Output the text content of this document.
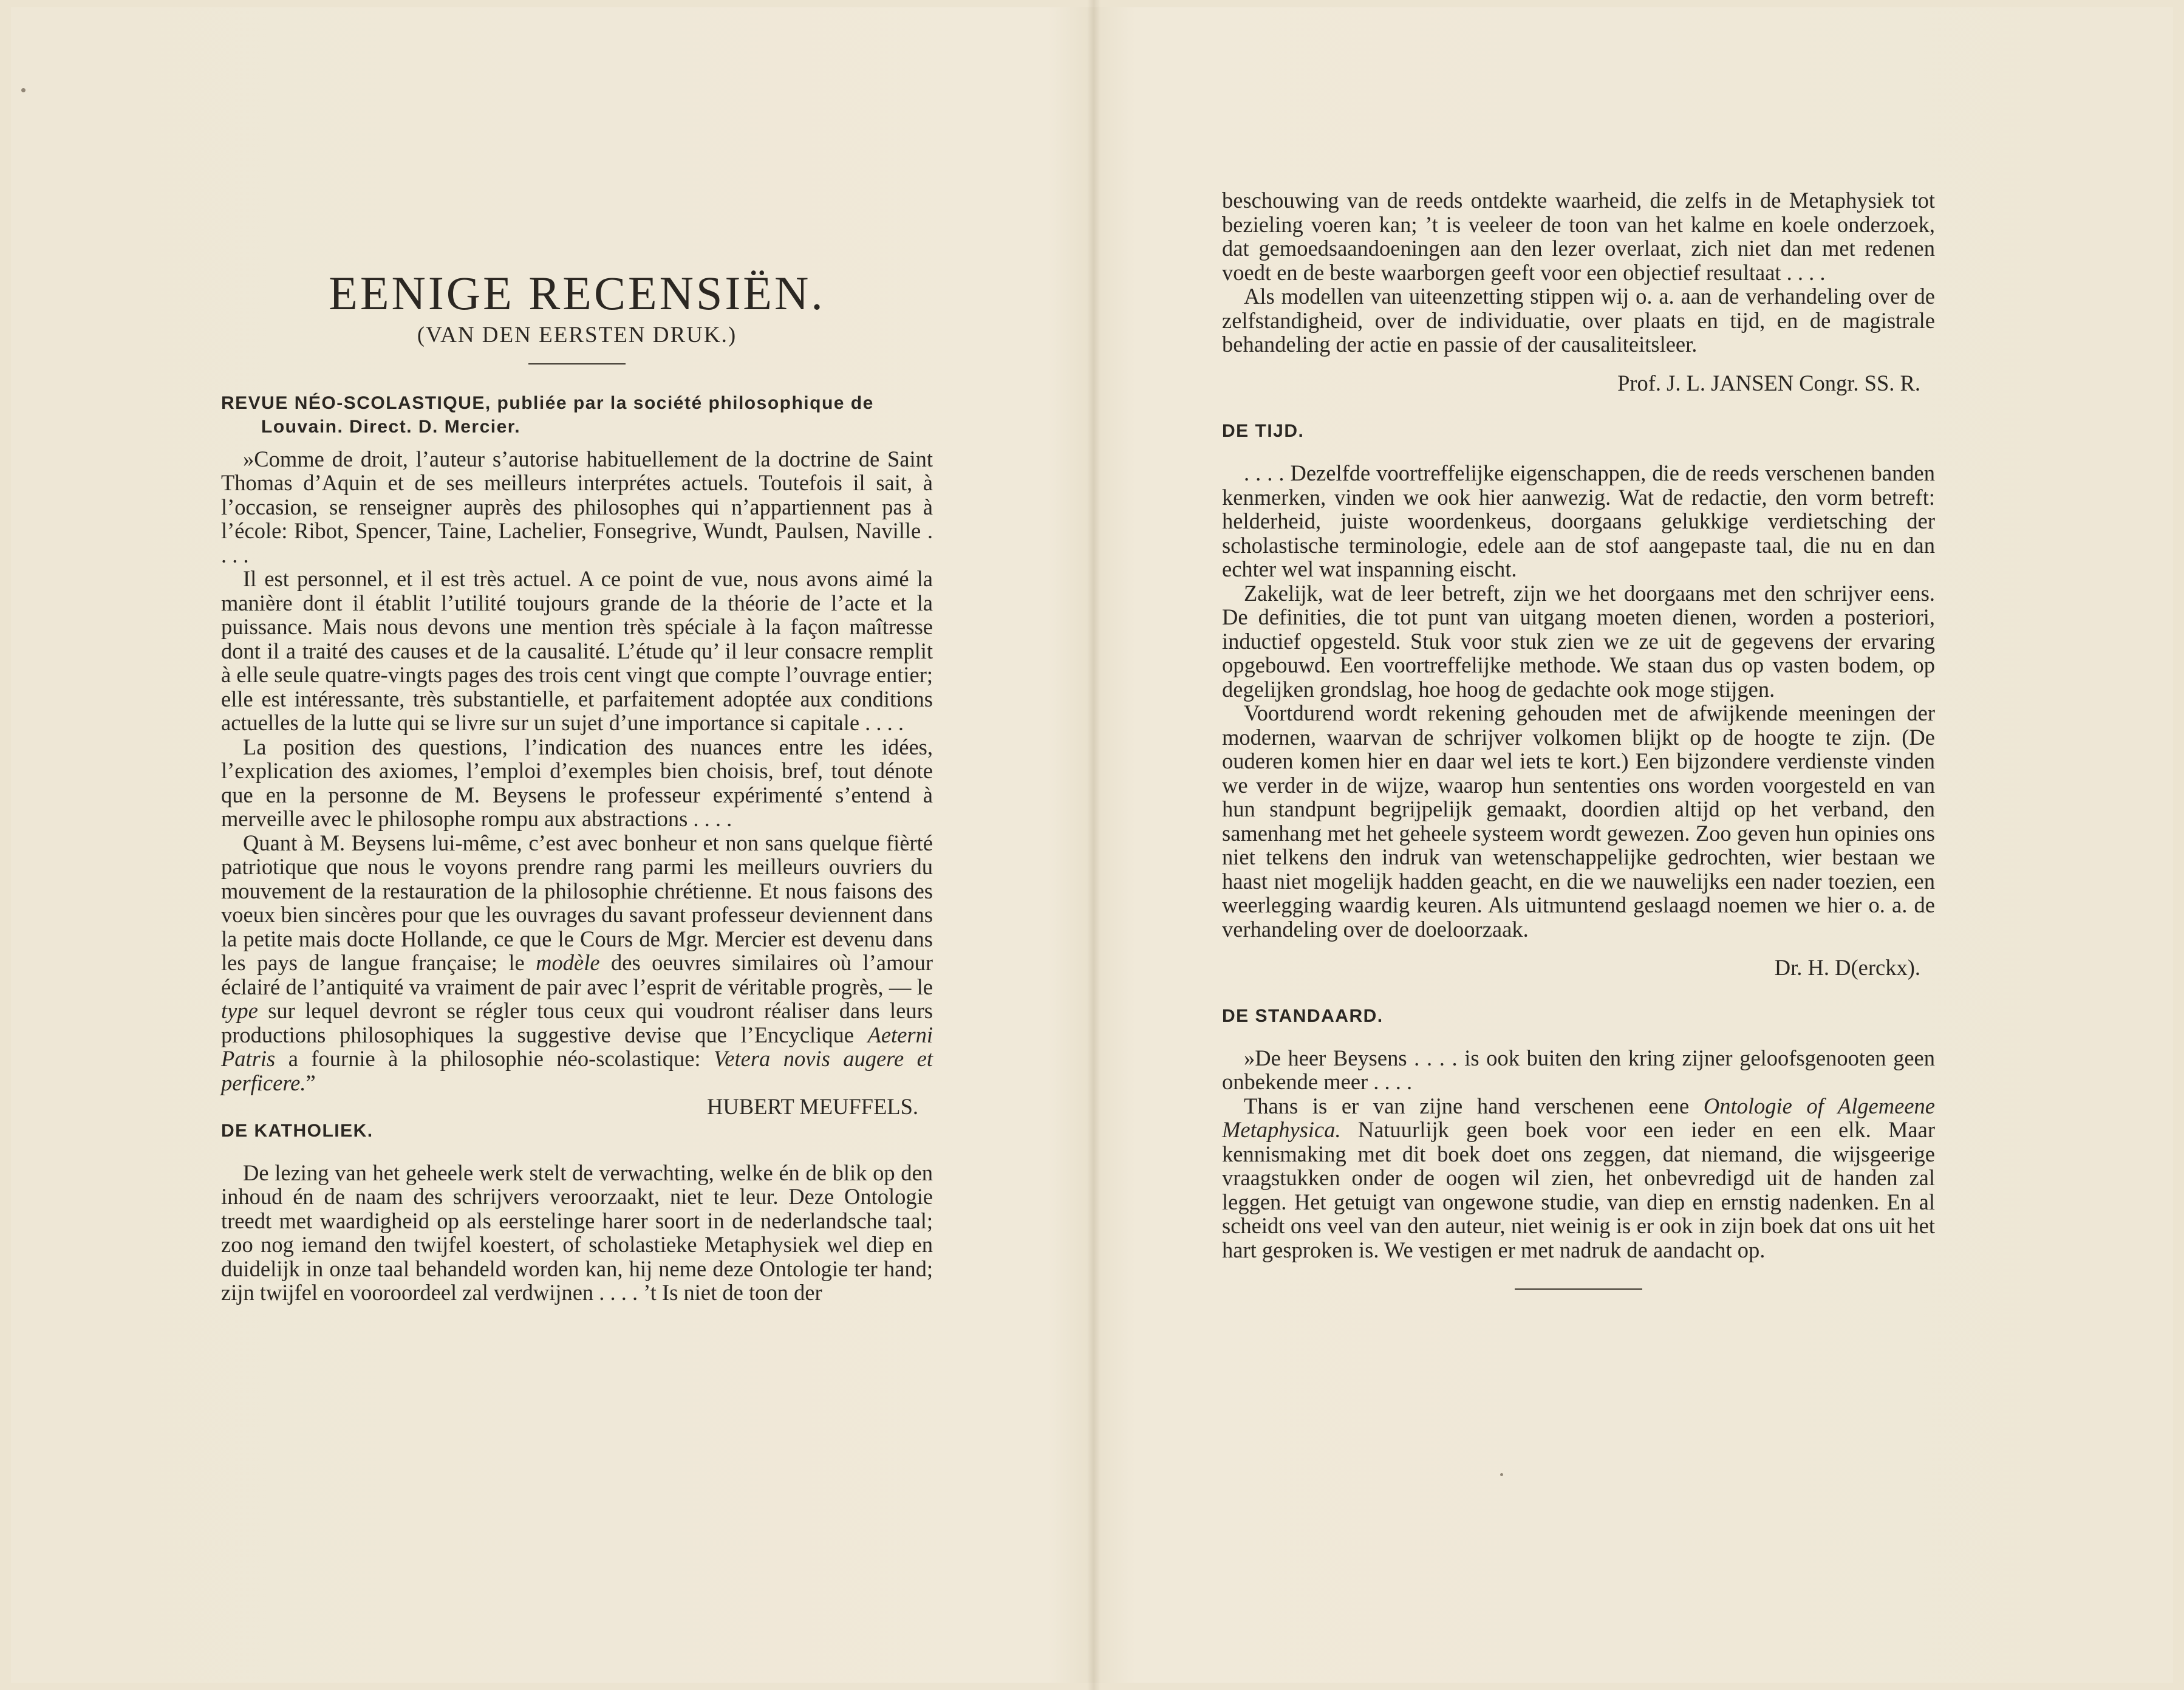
EENIGE RECENSIËN.

(VAN DEN EERSTEN DRUK.)

REVUE NÉO-SCOLASTIQUE, publiée par la société philosophique de Louvain. Direct. D. Mercier.

»Comme de droit, l’auteur s’autorise habituellement de la doctrine de Saint Thomas d’Aquin et de ses meilleurs interprétes actuels. Toutefois il sait, à l’occasion, se renseigner auprès des philosophes qui n’appartiennent pas à l’école: Ribot, Spencer, Taine, Lachelier, Fonsegrive, Wundt, Paulsen, Naville . . . .

Il est personnel, et il est très actuel. A ce point de vue, nous avons aimé la manière dont il établit l’utilité toujours grande de la théorie de l’acte et la puissance. Mais nous devons une mention très spéciale à la façon maîtresse dont il a traité des causes et de la causalité. L’étude qu’ il leur consacre remplit à elle seule quatre-vingts pages des trois cent vingt que compte l’ouvrage entier; elle est intéressante, très substantielle, et parfaitement adoptée aux conditions actuelles de la lutte qui se livre sur un sujet d’une importance si capitale . . . .

La position des questions, l’indication des nuances entre les idées, l’explication des axiomes, l’emploi d’exemples bien choisis, bref, tout dénote que en la personne de M. Beysens le professeur expérimenté s’entend à merveille avec le philosophe rompu aux abstractions . . . .

Quant à M. Beysens lui-même, c’est avec bonheur et non sans quelque fièrté patriotique que nous le voyons prendre rang parmi les meilleurs ouvriers du mouvement de la restauration de la philosophie chrétienne. Et nous faisons des voeux bien sincères pour que les ouvrages du savant professeur deviennent dans la petite mais docte Hollande, ce que le Cours de Mgr. Mercier est devenu dans les pays de langue française; le modèle des oeuvres similaires où l’amour éclairé de l’antiquité va vraiment de pair avec l’esprit de véritable progrès, — le type sur lequel devront se régler tous ceux qui voudront réaliser dans leurs productions philosophiques la suggestive devise que l’Encyclique Aeterni Patris a fournie à la philosophie néo-scolastique: Vetera novis augere et perficere.”

HUBERT MEUFFELS.

DE KATHOLIEK.

De lezing van het geheele werk stelt de verwachting, welke én de blik op den inhoud én de naam des schrijvers veroorzaakt, niet te leur. Deze Ontologie treedt met waardigheid op als eerstelinge harer soort in de nederlandsche taal; zoo nog iemand den twijfel koestert, of scholastieke Metaphysiek wel diep en duidelijk in onze taal behandeld worden kan, hij neme deze Ontologie ter hand; zijn twijfel en vooroordeel zal verdwijnen . . . . ’t Is niet de toon der

beschouwing van de reeds ontdekte waarheid, die zelfs in de Metaphysiek tot bezieling voeren kan; ’t is veeleer de toon van het kalme en koele onderzoek, dat gemoedsaandoeningen aan den lezer overlaat, zich niet dan met redenen voedt en de beste waarborgen geeft voor een objectief resultaat . . . .

Als modellen van uiteenzetting stippen wij o. a. aan de verhandeling over de zelfstandigheid, over de individuatie, over plaats en tijd, en de magistrale behandeling der actie en passie of der causaliteitsleer.

Prof. J. L. JANSEN Congr. SS. R.

DE TIJD.

. . . . Dezelfde voortreffelijke eigenschappen, die de reeds verschenen banden kenmerken, vinden we ook hier aanwezig. Wat de redactie, den vorm betreft: helderheid, juiste woordenkeus, doorgaans gelukkige verdietsching der scholastische terminologie, edele aan de stof aangepaste taal, die nu en dan echter wel wat inspanning eischt.

Zakelijk, wat de leer betreft, zijn we het doorgaans met den schrijver eens. De definities, die tot punt van uitgang moeten dienen, worden a posteriori, inductief opgesteld. Stuk voor stuk zien we ze uit de gegevens der ervaring opgebouwd. Een voortreffelijke methode. We staan dus op vasten bodem, op degelijken grondslag, hoe hoog de gedachte ook moge stijgen.

Voortdurend wordt rekening gehouden met de afwijkende meeningen der modernen, waarvan de schrijver volkomen blijkt op de hoogte te zijn. (De ouderen komen hier en daar wel iets te kort.) Een bijzondere verdienste vinden we verder in de wijze, waarop hun sententies ons worden voorgesteld en van hun standpunt begrijpelijk gemaakt, doordien altijd op het verband, den samenhang met het geheele systeem wordt gewezen. Zoo geven hun opinies ons niet telkens den indruk van wetenschappelijke gedrochten, wier bestaan we haast niet mogelijk hadden geacht, en die we nauwelijks een nader toezien, een weerlegging waardig keuren. Als uitmuntend geslaagd noemen we hier o. a. de verhandeling over de doeloorzaak.

Dr. H. D(erckx).

DE STANDAARD.

»De heer Beysens . . . . is ook buiten den kring zijner geloofsgenooten geen onbekende meer . . . .

Thans is er van zijne hand verschenen eene Ontologie of Algemeene Metaphysica. Natuurlijk geen boek voor een ieder en een elk. Maar kennismaking met dit boek doet ons zeggen, dat niemand, die wijsgeerige vraagstukken onder de oogen wil zien, het onbevredigd uit de handen zal leggen. Het getuigt van ongewone studie, van diep en ernstig nadenken. En al scheidt ons veel van den auteur, niet weinig is er ook in zijn boek dat ons uit het hart gesproken is. We vestigen er met nadruk de aandacht op.
